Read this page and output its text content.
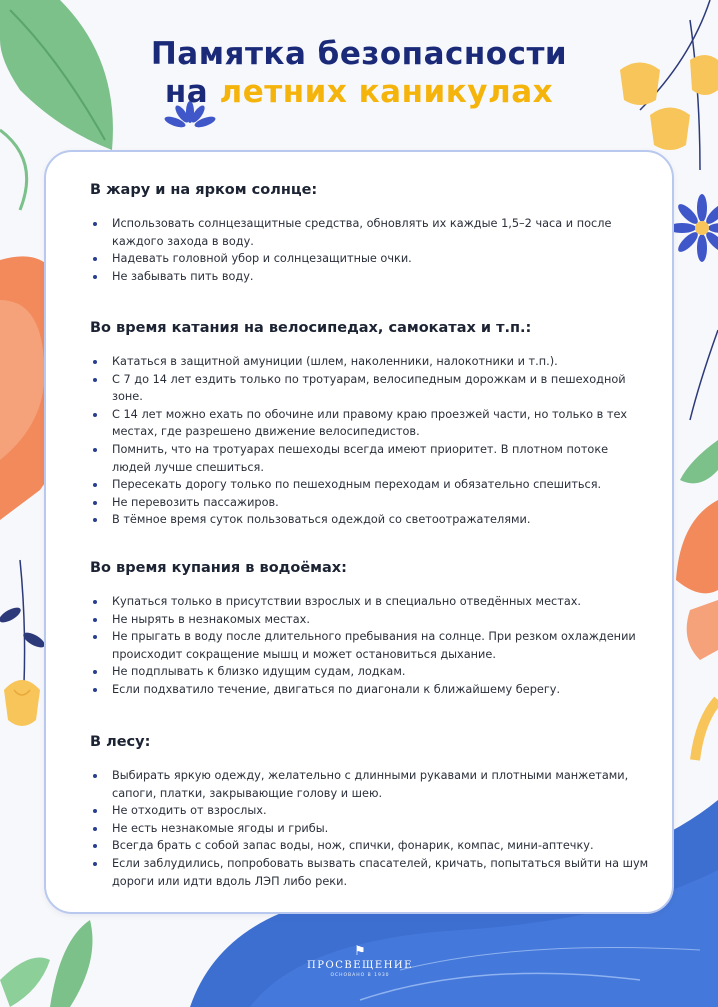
Памятка безопасности
на летних каникулах
В жару и на ярком солнце:
Использовать солнцезащитные средства, обновлять их каждые 1,5–2 часа и после каждого захода в воду.
Надевать головной убор и солнцезащитные очки.
Не забывать пить воду.
Во время катания на велосипедах, самокатах и т.п.:
Кататься в защитной амуниции (шлем, наколенники, налокотники и т.п.).
С 7 до 14 лет ездить только по тротуарам, велосипедным дорожкам и в пешеходной зоне.
С 14 лет можно ехать по обочине или правому краю проезжей части, но только в тех местах, где разрешено движение велосипедистов.
Помнить, что на тротуарах пешеходы всегда имеют приоритет. В плотном потоке людей лучше спешиться.
Пересекать дорогу только по пешеходным переходам и обязательно спешиться.
Не перевозить пассажиров.
В тёмное время суток пользоваться одеждой со светоотражателями.
Во время купания в водоёмах:
Купаться только в присутствии взрослых и в специально отведённых местах.
Не нырять в незнакомых местах.
Не прыгать в воду после длительного пребывания на солнце. При резком охлаждении происходит сокращение мышц и может остановиться дыхание.
Не подплывать к близко идущим судам, лодкам.
Если подхватило течение, двигаться по диагонали к ближайшему берегу.
В лесу:
Выбирать яркую одежду, желательно с длинными рукавами и плотными манжетами, сапоги, платки, закрывающие голову и шею.
Не отходить от взрослых.
Не есть незнакомые ягоды и грибы.
Всегда брать с собой запас воды, нож, спички, фонарик, компас, мини-аптечку.
Если заблудились, попробовать вызвать спасателей, кричать, попытаться выйти на шум дороги или идти вдоль ЛЭП либо реки.
⚑
ПРОСВЕЩЕНИЕ
ОСНОВАНО В 1930
